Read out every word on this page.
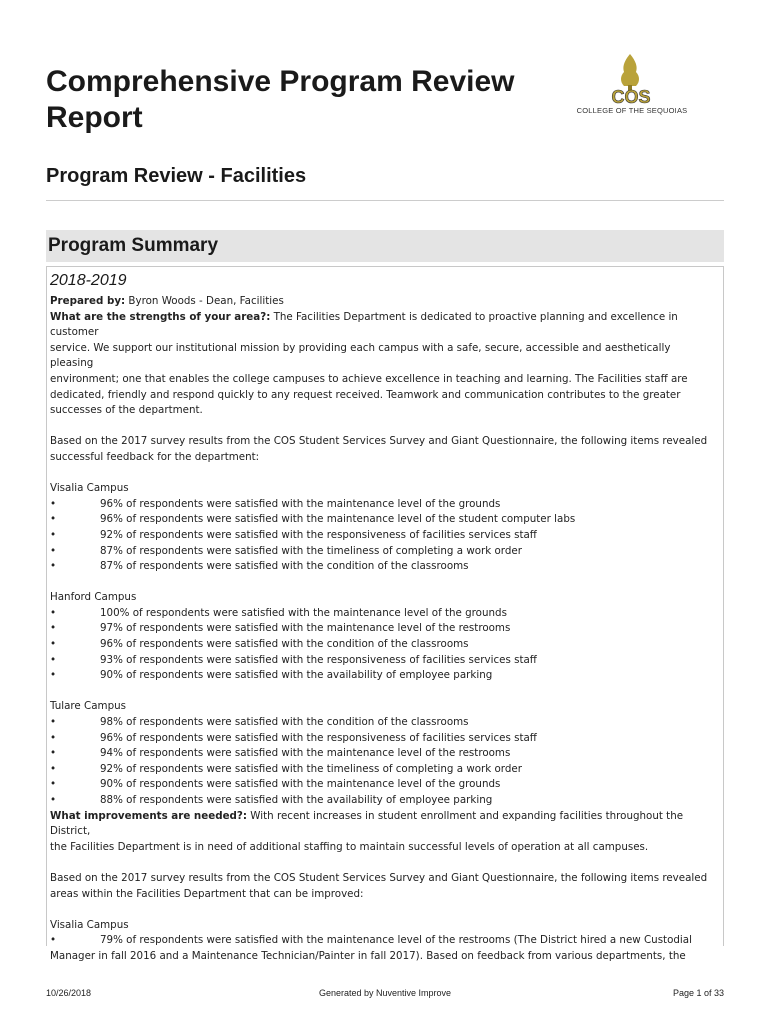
Comprehensive Program Review Report
COS
COLLEGE OF THE SEQUOIAS
Program Review - Facilities
Program Summary
2018-2019

Prepared by: Byron Woods - Dean, Facilities

What are the strengths of your area?: The Facilities Department is dedicated to proactive planning and excellence in customer

service. We support our institutional mission by providing each campus with a safe, secure, accessible and aesthetically pleasing

environment; one that enables the college campuses to achieve excellence in teaching and learning. The Facilities staff are

dedicated, friendly and respond quickly to any request received. Teamwork and communication contributes to the greater

successes of the department.

Based on the 2017 survey results from the COS Student Services Survey and Giant Questionnaire, the following items revealed

successful feedback for the department:

Visalia Campus

•	96% of respondents were satisfied with the maintenance level of the grounds
•	96% of respondents were satisfied with the maintenance level of the student computer labs
•	92% of respondents were satisfied with the responsiveness of facilities services staff
•	87% of respondents were satisfied with the timeliness of completing a work order
•	87% of respondents were satisfied with the condition of the classrooms

Hanford Campus

•	100% of respondents were satisfied with the maintenance level of the grounds
•	97% of respondents were satisfied with the maintenance level of the restrooms
•	96% of respondents were satisfied with the condition of the classrooms
•	93% of respondents were satisfied with the responsiveness of facilities services staff
•	90% of respondents were satisfied with the availability of employee parking

Tulare Campus

•	98% of respondents were satisfied with the condition of the classrooms
•	96% of respondents were satisfied with the responsiveness of facilities services staff
•	94% of respondents were satisfied with the maintenance level of the restrooms
•	92% of respondents were satisfied with the timeliness of completing a work order
•	90% of respondents were satisfied with the maintenance level of the grounds
•	88% of respondents were satisfied with the availability of employee parking

What improvements are needed?: With recent increases in student enrollment and expanding facilities throughout the District,

the Facilities Department is in need of additional staffing to maintain successful levels of operation at all campuses.

Based on the 2017 survey results from the COS Student Services Survey and Giant Questionnaire, the following items revealed

areas within the Facilities Department that can be improved:

Visalia Campus

•	79% of respondents were satisfied with the maintenance level of the restrooms (The District hired a new Custodial

Manager in fall 2016 and a Maintenance Technician/Painter in fall 2017). Based on feedback from various departments, the

10/26/2018	Generated by Nuventive Improve	Page 1 of 33
